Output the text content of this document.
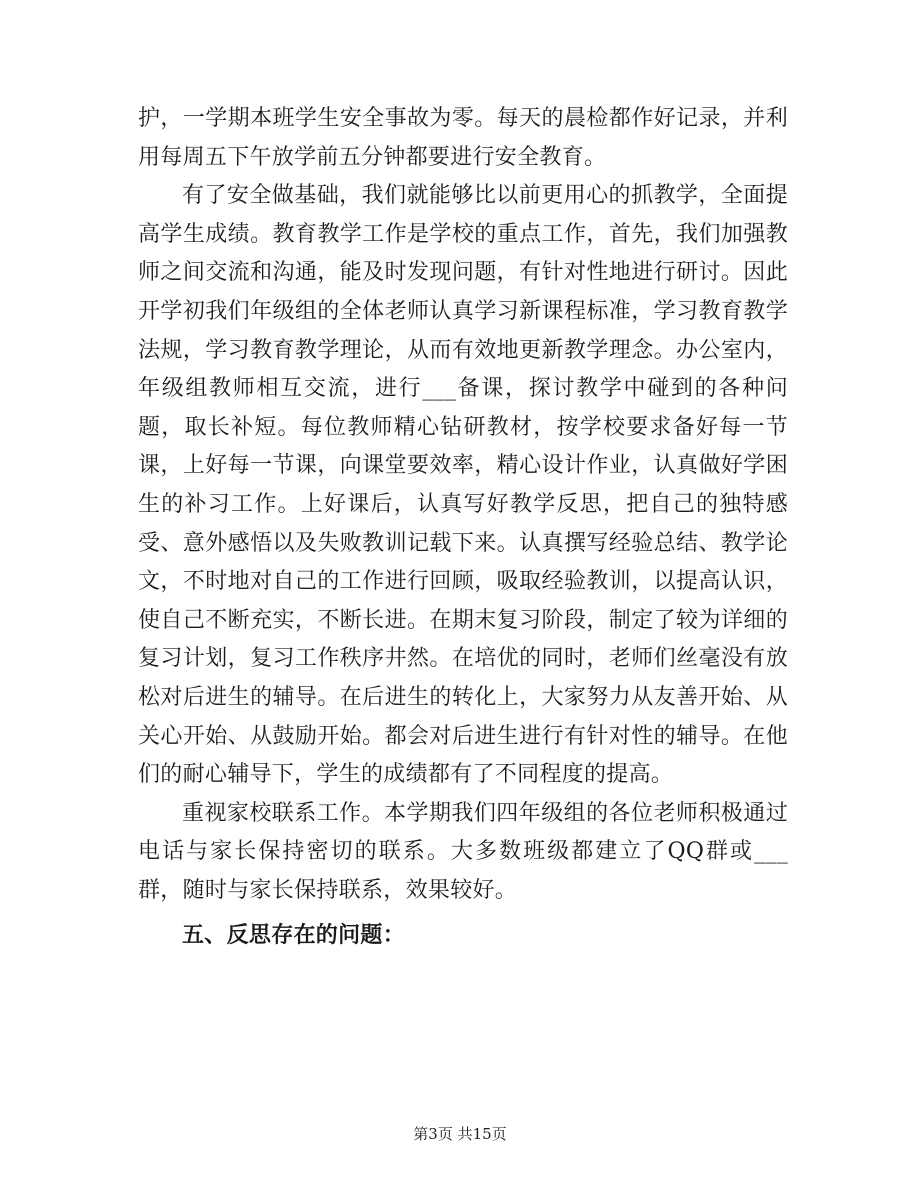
护，一学期本班学生安全事故为零。每天的晨检都作好记录，并利用每周五下午放学前五分钟都要进行安全教育。

有了安全做基础，我们就能够比以前更用心的抓教学，全面提高学生成绩。教育教学工作是学校的重点工作，首先，我们加强教师之间交流和沟通，能及时发现问题，有针对性地进行研讨。因此开学初我们年级组的全体老师认真学习新课程标准，学习教育教学法规，学习教育教学理论，从而有效地更新教学理念。办公室内，年级组教师相互交流，进行___备课，探讨教学中碰到的各种问题，取长补短。每位教师精心钻研教材，按学校要求备好每一节课，上好每一节课，向课堂要效率，精心设计作业，认真做好学困生的补习工作。上好课后，认真写好教学反思，把自己的独特感受、意外感悟以及失败教训记载下来。认真撰写经验总结、教学论文，不时地对自己的工作进行回顾，吸取经验教训，以提高认识，使自己不断充实，不断长进。在期末复习阶段，制定了较为详细的复习计划，复习工作秩序井然。在培优的同时，老师们丝毫没有放松对后进生的辅导。在后进生的转化上，大家努力从友善开始、从关心开始、从鼓励开始。都会对后进生进行有针对性的辅导。在他们的耐心辅导下，学生的成绩都有了不同程度的提高。

重视家校联系工作。本学期我们四年级组的各位老师积极通过电话与家长保持密切的联系。大多数班级都建立了QQ群或___群，随时与家长保持联系，效果较好。

五、反思存在的问题：

第3页 共15页
